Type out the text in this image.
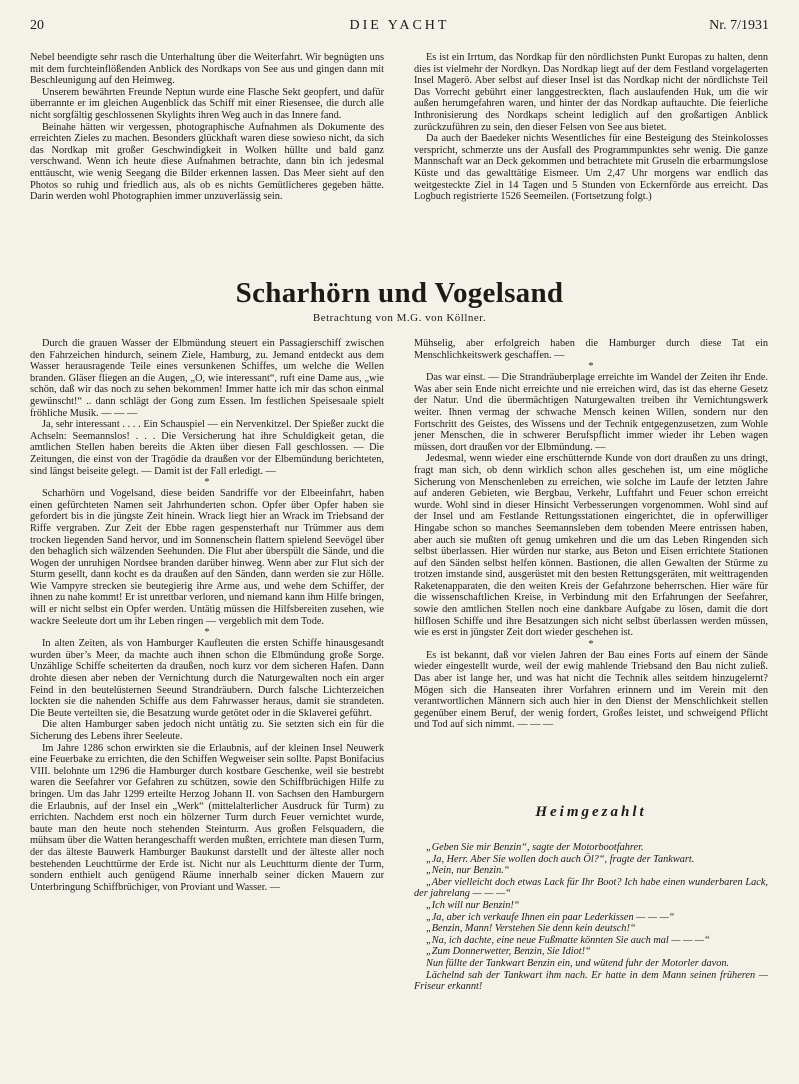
20	DIE YACHT	Nr. 7/1931

Nebel beendigte sehr rasch die Unterhaltung über die Weiterfahrt. Wir begnügten uns mit dem furchteinflößenden Anblick des Nordkaps von See aus und gingen dann mit Beschleunigung auf den Heimweg.

Unserem bewährten Freunde Neptun wurde eine Flasche Sekt geopfert, und dafür überrannte er im gleichen Augenblick das Schiff mit einer Riesensee, die durch alle nicht sorgfältig geschlossenen Skylights ihren Weg auch in das Innere fand.

Beinahe hätten wir vergessen, photographische Aufnahmen als Dokumente des erreichten Zieles zu machen. Besonders glückhaft waren diese sowieso nicht, da sich das Nordkap mit großer Geschwindigkeit in Wolken hüllte und bald ganz verschwand. Wenn ich heute diese Aufnahmen betrachte, dann bin ich jedesmal enttäuscht, wie wenig Seegang die Bilder erkennen lassen. Das Meer sieht auf den Photos so ruhig und friedlich aus, als ob es nichts Gemütlicheres gegeben hätte. Darin werden wohl Photographien immer unzuverlässig sein.

Es ist ein Irrtum, das Nordkap für den nördlichsten Punkt Europas zu halten, denn dies ist vielmehr der Nordkyn. Das Nordkap liegt auf der dem Festland vorgelagerten Insel Magerö. Aber selbst auf dieser Insel ist das Nordkap nicht der nördlichste Teil Das Vorrecht gebührt einer langgestreckten, flach auslaufenden Huk, um die wir außen herumgefahren waren, und hinter der das Nordkap auftauchte. Die feierliche Inthronisierung des Nordkaps scheint lediglich auf den großartigen Anblick zurückzuführen zu sein, den dieser Felsen von See aus bietet.

Da auch der Baedeker nichts Wesentliches für eine Besteigung des Steinkolosses verspricht, schmerzte uns der Ausfall des Programmpunktes sehr wenig. Die ganze Mannschaft war an Deck gekommen und betrachtete mit Gruseln die erbarmungslose Küste und das gewalttätige Eismeer. Um 2,47 Uhr morgens war endlich das weitgesteckte Ziel in 14 Tagen und 5 Stunden von Eckernförde aus erreicht. Das Logbuch registrierte 1526 Seemeilen. (Fortsetzung folgt.)

Scharhörn und Vogelsand
Betrachtung von M.G. von Köllner.

Durch die grauen Wasser der Elbmündung steuert ein Passagierschiff zwischen den Fahrzeichen hindurch, seinem Ziele, Hamburg, zu. Jemand entdeckt aus dem Wasser herausragende Teile eines versunkenen Schiffes, um welche die Wellen branden. Gläser fliegen an die Augen, „O, wie interessant“, ruft eine Dame aus, „wie schön, daß wir das noch zu sehen bekommen! Immer hatte ich mir das schon einmal gewünscht!“ .. dann schlägt der Gong zum Essen. Im festlichen Speisesaale spielt fröhliche Musik. — — —

Ja, sehr interessant . . . . Ein Schauspiel — ein Nervenkitzel. Der Spießer zuckt die Achseln: Seemannslos! . . . Die Versicherung hat ihre Schuldigkeit getan, die amtlichen Stellen haben bereits die Akten über diesen Fall geschlossen. — Die Zeitungen, die einst von der Tragödie da draußen vor der Elbemündung berichteten, sind längst beiseite gelegt. — Damit ist der Fall erledigt. —

*

Scharhörn und Vogelsand, diese beiden Sandriffe vor der Elbeeinfahrt, haben einen gefürchteten Namen seit Jahrhunderten schon. Opfer über Opfer haben sie gefordert bis in die jüngste Zeit hinein. Wrack liegt hier an Wrack im Triebsand der Riffe vergraben. Zur Zeit der Ebbe ragen gespensterhaft nur Trümmer aus dem trocken liegenden Sand hervor, und im Sonnenschein flattern spielend Seevögel über den behaglich sich wälzenden Seehunden. Die Flut aber überspült die Sände, und die Wogen der unruhigen Nordsee branden darüber hinweg. Wenn aber zur Flut sich der Sturm gesellt, dann kocht es da draußen auf den Sänden, dann werden sie zur Hölle. Wie Vampyre strecken sie beutegierig ihre Arme aus, und wehe dem Schiffer, der ihnen zu nahe kommt! Er ist unrettbar verloren, und niemand kann ihm Hilfe bringen, will er nicht selbst ein Opfer werden. Untätig müssen die Hilfsbereiten zusehen, wie wackre Seeleute dort um ihr Leben ringen — vergeblich mit dem Tode.

*

In alten Zeiten, als von Hamburger Kaufleuten die ersten Schiffe hinausgesandt wurden über’s Meer, da machte auch ihnen schon die Elbmündung große Sorge. Unzählige Schiffe scheiterten da draußen, noch kurz vor dem sicheren Hafen. Dann drohte diesen aber neben der Vernichtung durch die Naturgewalten noch ein arger Feind in den beutelüsternen Seeund Strandräubern. Durch falsche Lichterzeichen lockten sie die nahenden Schiffe aus dem Fahrwasser heraus, damit sie strandeten. Die Beute verteilten sie, die Besatzung wurde getötet oder in die Sklaverei geführt.

Die alten Hamburger saben jedoch nicht untätig zu. Sie setzten sich ein für die Sicherung des Lebens ihrer Seeleute.

Im Jahre 1286 schon erwirkten sie die Erlaubnis, auf der kleinen Insel Neuwerk eine Feuerbake zu errichten, die den Schiffen Wegweiser sein sollte. Papst Bonifacius VIII. belohnte um 1296 die Hamburger durch kostbare Geschenke, weil sie bestrebt waren die Seefahrer vor Gefahren zu schützen, sowie den Schiffbrüchigen Hilfe zu bringen. Um das Jahr 1299 erteilte Herzog Johann II. von Sachsen den Hamburgern die Erlaubnis, auf der Insel ein „Werk“ (mittelalterlicher Ausdruck für Turm) zu errichten. Nachdem erst noch ein hölzerner Turm durch Feuer vernichtet wurde, baute man den heute noch stehenden Steinturm. Aus großen Felsquadern, die mühsam über die Watten herangeschafft werden mußten, errichtete man diesen Turm, der das älteste Bauwerk Hamburger Baukunst darstellt und der älteste aller noch bestehenden Leuchttürme der Erde ist. Nicht nur als Leuchtturm diente der Turm, sondern enthielt auch genügend Räume innerhalb seiner dicken Mauern zur Unterbringung Schiffbrüchiger, von Proviant und Wasser. —

Mühselig, aber erfolgreich haben die Hamburger durch diese Tat ein Menschlichkeitswerk geschaffen. —

*

Das war einst. — Die Strandräuberplage erreichte im Wandel der Zeiten ihr Ende. Was aber sein Ende nicht erreichte und nie erreichen wird, das ist das eherne Gesetz der Natur. Und die übermächtigen Naturgewalten treiben ihr Vernichtungswerk weiter. Ihnen vermag der schwache Mensch keinen Willen, sondern nur den Fortschritt des Geistes, des Wissens und der Technik entgegenzusetzen, zum Wohle jener Menschen, die in schwerer Berufspflicht immer wieder ihr Leben wagen müssen, dort draußen vor der Elbmündung. —

Jedesmal, wenn wieder eine erschütternde Kunde von dort draußen zu uns dringt, fragt man sich, ob denn wirklich schon alles geschehen ist, um eine mögliche Sicherung von Menschenleben zu erreichen, wie solche im Laufe der letzten Jahre auf anderen Gebieten, wie Bergbau, Verkehr, Luftfahrt und Feuer schon erreicht wurde. Wohl sind in dieser Hinsicht Verbesserungen vorgenommen. Wohl sind auf der Insel und am Festlande Rettungsstationen eingerichtet, die in opferwilliger Hingabe schon so manches Seemannsleben dem tobenden Meere entrissen haben, aber auch sie mußten oft genug umkehren und die um das Leben Ringenden sich selbst überlassen. Hier würden nur starke, aus Beton und Eisen errichtete Stationen auf den Sänden selbst helfen können. Bastionen, die allen Gewalten der Stürme zu trotzen imstande sind, ausgerüstet mit den besten Rettungsgeräten, mit weittragenden Raketenapparaten, die den weiten Kreis der Gefahrzone beherrschen. Hier wäre für die wissenschaftlichen Kreise, in Verbindung mit den Erfahrungen der Seefahrer, sowie den amtlichen Stellen noch eine dankbare Aufgabe zu lösen, damit die dort hilflosen Schiffe und ihre Besatzungen sich nicht selbst überlassen werden müssen, wie es erst in jüngster Zeit dort wieder geschehen ist.

*

Es ist bekannt, daß vor vielen Jahren der Bau eines Forts auf einem der Sände wieder eingestellt wurde, weil der ewig mahlende Triebsand den Bau nicht zuließ. Das aber ist lange her, und was hat nicht die Technik alles seitdem hinzugelernt? Mögen sich die Hanseaten ihrer Vorfahren erinnern und im Verein mit den verantwortlichen Männern sich auch hier in den Dienst der Menschlichkeit stellen gegenüber einem Beruf, der wenig fordert, Großes leistet, und schweigend Pflicht und Tod auf sich nimmt. — — —

Heimgezahlt

„Geben Sie mir Benzin“, sagte der Motorbootfahrer.

„Ja, Herr. Aber Sie wollen doch auch Öl?“, fragte der Tankwart.

„Nein, nur Benzin.“

„Aber vielleicht doch etwas Lack für Ihr Boot? Ich habe einen wunderbaren Lack, der jahrelang — — —“

„Ich will nur Benzin!“

„Ja, aber ich verkaufe Ihnen ein paar Lederkissen — — —“

„Benzin, Mann! Verstehen Sie denn kein deutsch!“

„Na, ich dachte, eine neue Fußmatte könnten Sie auch mal — — —“

„Zum Donnerwetter, Benzin, Sie Idiot!“

Nun füllte der Tankwart Benzin ein, und wütend fuhr der Motorler davon.

Lächelnd sah der Tankwart ihm nach. Er hatte in dem Mann seinen früheren — Friseur erkannt!
